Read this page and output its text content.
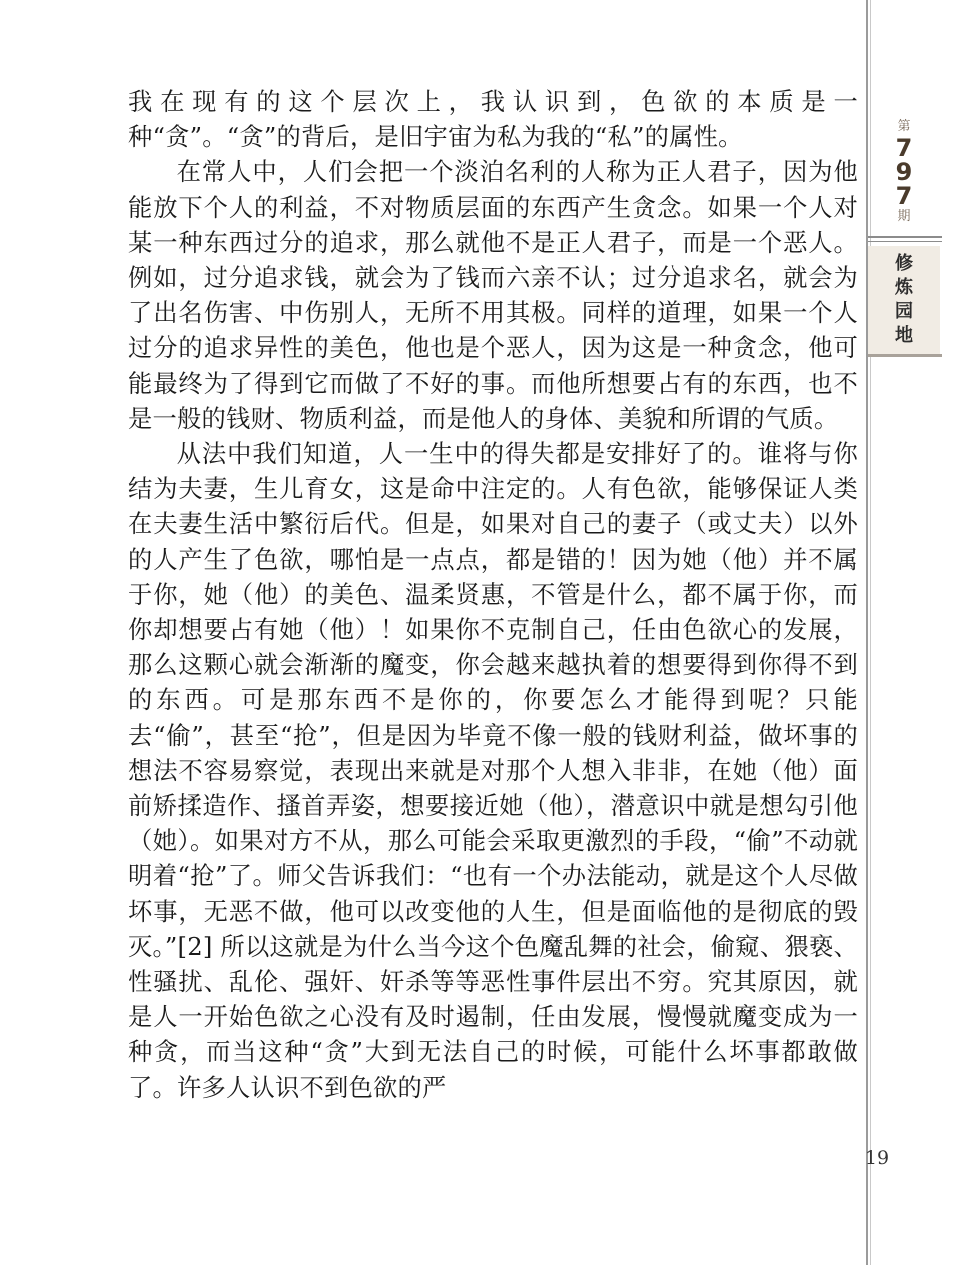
我在现有的这个层次上，我认识到，色欲的本质是一种“贪”。“贪”的背后，是旧宇宙为私为我的“私”的属性。

在常人中，人们会把一个淡泊名利的人称为正人君子，因为他能放下个人的利益，不对物质层面的东西产生贪念。如果一个人对某一种东西过分的追求，那么就他不是正人君子，而是一个恶人。例如，过分追求钱，就会为了钱而六亲不认；过分追求名，就会为了出名伤害、中伤别人，无所不用其极。同样的道理，如果一个人过分的追求异性的美色，他也是个恶人，因为这是一种贪念，他可能最终为了得到它而做了不好的事。而他所想要占有的东西，也不是一般的钱财、物质利益，而是他人的身体、美貌和所谓的气质。

从法中我们知道，人一生中的得失都是安排好了的。谁将与你结为夫妻，生儿育女，这是命中注定的。人有色欲，能够保证人类在夫妻生活中繁衍后代。但是，如果对自己的妻子（或丈夫）以外的人产生了色欲，哪怕是一点点，都是错的！因为她（他）并不属于你，她（他）的美色、温柔贤惠，不管是什么，都不属于你，而你却想要占有她（他）！如果你不克制自己，任由色欲心的发展，那么这颗心就会渐渐的魔变，你会越来越执着的想要得到你得不到的东西。可是那东西不是你的，你要怎么才能得到呢？只能去“偷”，甚至“抢”，但是因为毕竟不像一般的钱财利益，做坏事的想法不容易察觉，表现出来就是对那个人想入非非，在她（他）面前矫揉造作、搔首弄姿，想要接近她（他），潜意识中就是想勾引他（她）。如果对方不从，那么可能会采取更激烈的手段，“偷”不动就明着“抢”了。师父告诉我们：“也有一个办法能动，就是这个人尽做坏事，无恶不做，他可以改变他的人生，但是面临他的是彻底的毁灭。”[2] 所以这就是为什么当今这个色魔乱舞的社会，偷窥、猥亵、性骚扰、乱伦、强奸、奸杀等等恶性事件层出不穷。究其原因，就是人一开始色欲之心没有及时遏制，任由发展，慢慢就魔变成为一种贪，而当这种“贪”大到无法自己的时候，可能什么坏事都敢做了。许多人认识不到色欲的严

第
7
9
7
期
修
炼
园
地
19
